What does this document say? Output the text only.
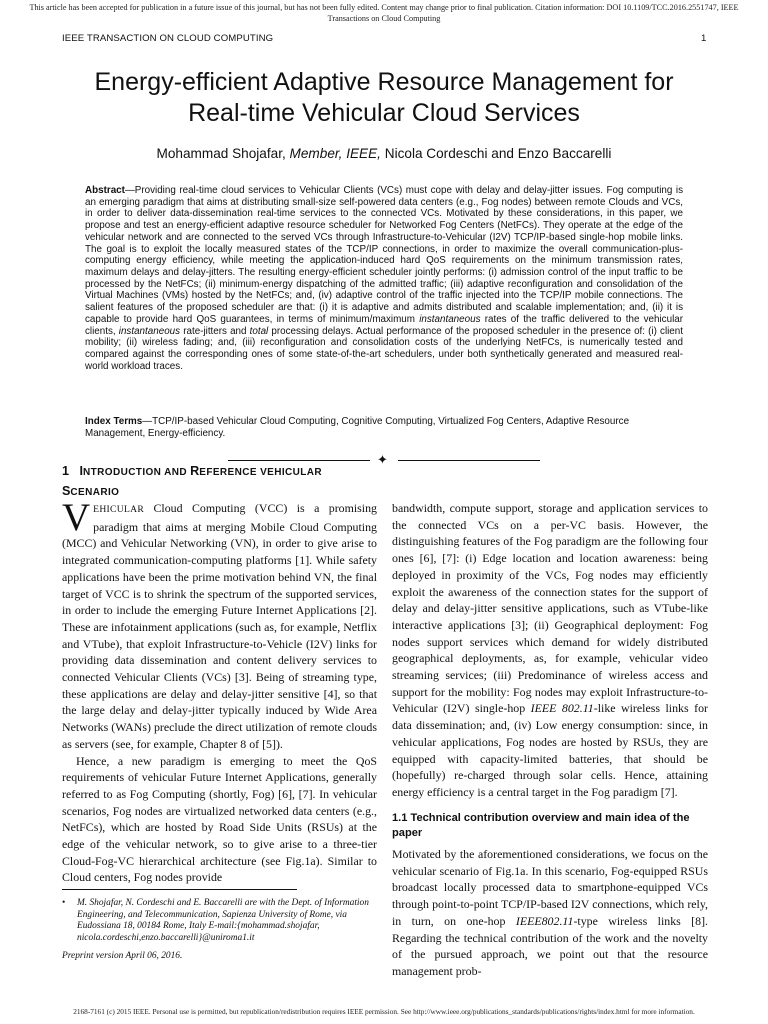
This article has been accepted for publication in a future issue of this journal, but has not been fully edited. Content may change prior to final publication. Citation information: DOI 10.1109/TCC.2016.2551747, IEEE Transactions on Cloud Computing
IEEE TRANSACTION ON CLOUD COMPUTING	1
Energy-efficient Adaptive Resource Management for
Real-time Vehicular Cloud Services
Mohammad Shojafar, Member, IEEE, Nicola Cordeschi and Enzo Baccarelli
Abstract—Providing real-time cloud services to Vehicular Clients (VCs) must cope with delay and delay-jitter issues. Fog computing is an emerging paradigm that aims at distributing small-size self-powered data centers (e.g., Fog nodes) between remote Clouds and VCs, in order to deliver data-dissemination real-time services to the connected VCs. Motivated by these considerations, in this paper, we propose and test an energy-efficient adaptive resource scheduler for Networked Fog Centers (NetFCs). They operate at the edge of the vehicular network and are connected to the served VCs through Infrastructure-to-Vehicular (I2V) TCP/IP-based single-hop mobile links. The goal is to exploit the locally measured states of the TCP/IP connections, in order to maximize the overall communication-plus-computing energy efficiency, while meeting the application-induced hard QoS requirements on the minimum transmission rates, maximum delays and delay-jitters. The resulting energy-efficient scheduler jointly performs: (i) admission control of the input traffic to be processed by the NetFCs; (ii) minimum-energy dispatching of the admitted traffic; (iii) adaptive reconfiguration and consolidation of the Virtual Machines (VMs) hosted by the NetFCs; and, (iv) adaptive control of the traffic injected into the TCP/IP mobile connections. The salient features of the proposed scheduler are that: (i) it is adaptive and admits distributed and scalable implementation; and, (ii) it is capable to provide hard QoS guarantees, in terms of minimum/maximum instantaneous rates of the traffic delivered to the vehicular clients, instantaneous rate-jitters and total processing delays. Actual performance of the proposed scheduler in the presence of: (i) client mobility; (ii) wireless fading; and, (iii) reconfiguration and consolidation costs of the underlying NetFCs, is numerically tested and compared against the corresponding ones of some state-of-the-art schedulers, under both synthetically generated and measured real-world workload traces.
Index Terms—TCP/IP-based Vehicular Cloud Computing, Cognitive Computing, Virtualized Fog Centers, Adaptive Resource Management, Energy-efficiency.
✦
1 INTRODUCTION AND REFERENCE VEHICULAR
SCENARIO

VEHICULAR Cloud Computing (VCC) is a promising paradigm that aims at merging Mobile Cloud Computing (MCC) and Vehicular Networking (VN), in order to give arise to integrated communication-computing platforms [1]. While safety applications have been the prime motivation behind VN, the final target of VCC is to shrink the spectrum of the supported services, in order to include the emerging Future Internet Applications [2]. These are infotainment applications (such as, for example, Netflix and VTube), that exploit Infrastructure-to-Vehicle (I2V) links for providing data dissemination and content delivery services to connected Vehicular Clients (VCs) [3]. Being of streaming type, these applications are delay and delay-jitter sensitive [4], so that the large delay and delay-jitter typically induced by Wide Area Networks (WANs) preclude the direct utilization of remote clouds as servers (see, for example, Chapter 8 of [5]).

Hence, a new paradigm is emerging to meet the QoS requirements of vehicular Future Internet Applications, generally referred to as Fog Computing (shortly, Fog) [6], [7]. In vehicular scenarios, Fog nodes are virtualized networked data centers (e.g., NetFCs), which are hosted by Road Side Units (RSUs) at the edge of the vehicular network, so to give arise to a three-tier Cloud-Fog-VC hierarchical architecture (see Fig.1a). Similar to Cloud centers, Fog nodes provide

bandwidth, compute support, storage and application services to the connected VCs on a per-VC basis. However, the distinguishing features of the Fog paradigm are the following four ones [6], [7]: (i) Edge location and location awareness: being deployed in proximity of the VCs, Fog nodes may efficiently exploit the awareness of the connection states for the support of delay and delay-jitter sensitive applications, such as VTube-like interactive applications [3]; (ii) Geographical deployment: Fog nodes support services which demand for widely distributed geographical deployments, as, for example, vehicular video streaming services; (iii) Predominance of wireless access and support for the mobility: Fog nodes may exploit Infrastructure-to-Vehicular (I2V) single-hop IEEE 802.11-like wireless links for data dissemination; and, (iv) Low energy consumption: since, in vehicular applications, Fog nodes are hosted by RSUs, they are equipped with capacity-limited batteries, that should be (hopefully) re-charged through solar cells. Hence, attaining energy efficiency is a central target in the Fog paradigm [7].

1.1 Technical contribution overview and main idea of the paper

Motivated by the aforementioned considerations, we focus on the vehicular scenario of Fig.1a. In this scenario, Fog-equipped RSUs broadcast locally processed data to smartphone-equipped VCs through point-to-point TCP/IP-based I2V connections, which rely, in turn, on one-hop IEEE802.11-type wireless links [8]. Regarding the technical contribution of the work and the novelty of the pursued approach, we point out that the resource management prob-

• M. Shojafar, N. Cordeschi and E. Baccarelli are with the Dept. of Information Engineering, and Telecommunication, Sapienza University of Rome, via Eudossiana 18, 00184 Rome, Italy E-mail:{mohammad.shojafar, nicola.cordeschi,enzo.baccarelli}@uniroma1.it
Preprint version April 06, 2016.
2168-7161 (c) 2015 IEEE. Personal use is permitted, but republication/redistribution requires IEEE permission. See http://www.ieee.org/publications_standards/publications/rights/index.html for more information.
